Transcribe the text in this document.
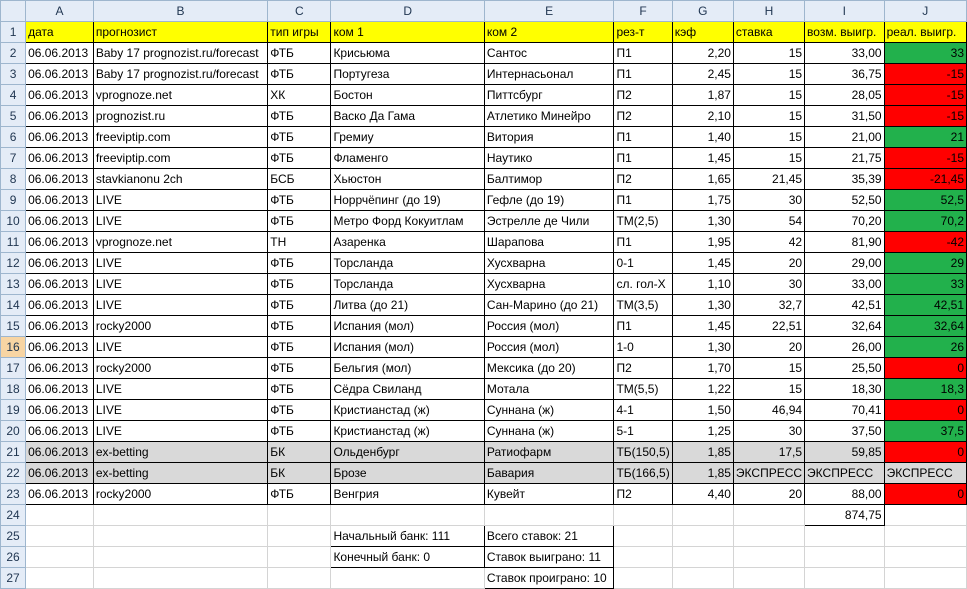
	A	B	C	D	E	F	G	H	I	J
1	дата	прогнозист	тип игры	ком 1	ком 2	рез-т	кэф	ставка	возм. выигр.	реал. выигр.
2	06.06.2013	Baby 17 prognozist.ru/forecast	ФТБ	Крисьюма	Сантос	П1	2,20	15	33,00	33
3	06.06.2013	Baby 17 prognozist.ru/forecast	ФТБ	Португеза	Интернасьонал	П1	2,45	15	36,75	-15
4	06.06.2013	vprognoze.net	ХК	Бостон	Питтсбург	П2	1,87	15	28,05	-15
5	06.06.2013	prognozist.ru	ФТБ	Васко Да Гама	Атлетико Минейро	П2	2,10	15	31,50	-15
6	06.06.2013	freeviptip.com	ФТБ	Гремиу	Витория	П1	1,40	15	21,00	21
7	06.06.2013	freeviptip.com	ФТБ	Фламенго	Наутико	П1	1,45	15	21,75	-15
8	06.06.2013	stavkianonu 2ch	БСБ	Хьюстон	Балтимор	П2	1,65	21,45	35,39	-21,45
9	06.06.2013	LIVE	ФТБ	Норрчёпинг (до 19)	Гефле (до 19)	П1	1,75	30	52,50	52,5
10	06.06.2013	LIVE	ФТБ	Метро Форд Кокуитлам	Эстрелле де Чили	ТМ(2,5)	1,30	54	70,20	70,2
11	06.06.2013	vprognoze.net	ТН	Азаренка	Шарапова	П1	1,95	42	81,90	-42
12	06.06.2013	LIVE	ФТБ	Торсланда	Хусхварна	0-1	1,45	20	29,00	29
13	06.06.2013	LIVE	ФТБ	Торсланда	Хусхварна	сл. гол-Х	1,10	30	33,00	33
14	06.06.2013	LIVE	ФТБ	Литва (до 21)	Сан-Марино (до 21)	ТМ(3,5)	1,30	32,7	42,51	42,51
15	06.06.2013	rocky2000	ФТБ	Испания (мол)	Россия (мол)	П1	1,45	22,51	32,64	32,64
16	06.06.2013	LIVE	ФТБ	Испания (мол)	Россия (мол)	1-0	1,30	20	26,00	26
17	06.06.2013	rocky2000	ФТБ	Бельгия (мол)	Мексика (до 20)	П2	1,70	15	25,50	0
18	06.06.2013	LIVE	ФТБ	Сёдра Свиланд	Мотала	ТМ(5,5)	1,22	15	18,30	18,3
19	06.06.2013	LIVE	ФТБ	Кристианстад (ж)	Суннана (ж)	4-1	1,50	46,94	70,41	0
20	06.06.2013	LIVE	ФТБ	Кристианстад (ж)	Суннана (ж)	5-1	1,25	30	37,50	37,5
21	06.06.2013	ex-betting	БК	Ольденбург	Ратиофарм	ТБ(150,5)	1,85	17,5	59,85	0
22	06.06.2013	ex-betting	БК	Брозе	Бавария	ТБ(166,5)	1,85	ЭКСПРЕСС	ЭКСПРЕСС	ЭКСПРЕСС
23	06.06.2013	rocky2000	ФТБ	Венгрия	Кувейт	П2	4,40	20	88,00	0
24									874,75	
25				Начальный банк: 111	Всего ставок: 21					
26				Конечный банк: 0	Ставок выиграно: 11					
27					Ставок проиграно: 10					
